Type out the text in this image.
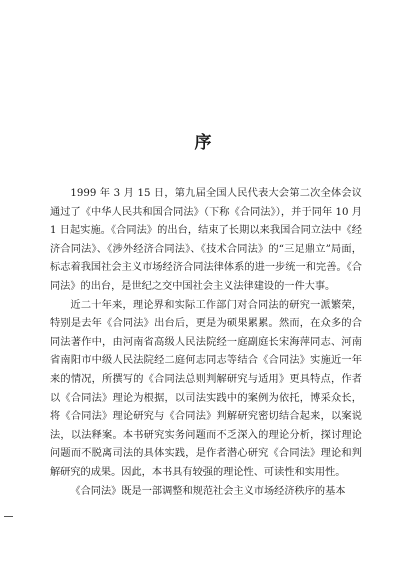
序

1999 年 3 月 15 日，第九届全国人民代表大会第二次全体会议通过了《中华人民共和国合同法》（下称《合同法》），并于同年 10 月 1 日起实施。《合同法》的出台，结束了长期以来我国合同立法中《经济合同法》、《涉外经济合同法》、《技术合同法》的“三足鼎立”局面，标志着我国社会主义市场经济合同法律体系的进一步统一和完善。《合同法》的出台，是世纪之交中国社会主义法律建设的一件大事。

近二十年来，理论界和实际工作部门对合同法的研究一派繁荣，特别是去年《合同法》出台后，更是为硕果累累。然而，在众多的合同法著作中，由河南省高级人民法院经一庭副庭长宋海萍同志、河南省南阳市中级人民法院经二庭何志同志等结合《合同法》实施近一年来的情况，所撰写的《合同法总则判解研究与适用》更具特点，作者以《合同法》理论为根据，以司法实践中的案例为依托，博采众长，将《合同法》理论研究与《合同法》判解研究密切结合起来，以案说法，以法释案。本书研究实务问题而不乏深入的理论分析，探讨理论问题而不脱离司法的具体实践，是作者潜心研究《合同法》理论和判解研究的成果。因此，本书具有较强的理论性、可读性和实用性。

《合同法》既是一部调整和规范社会主义市场经济秩序的基本
